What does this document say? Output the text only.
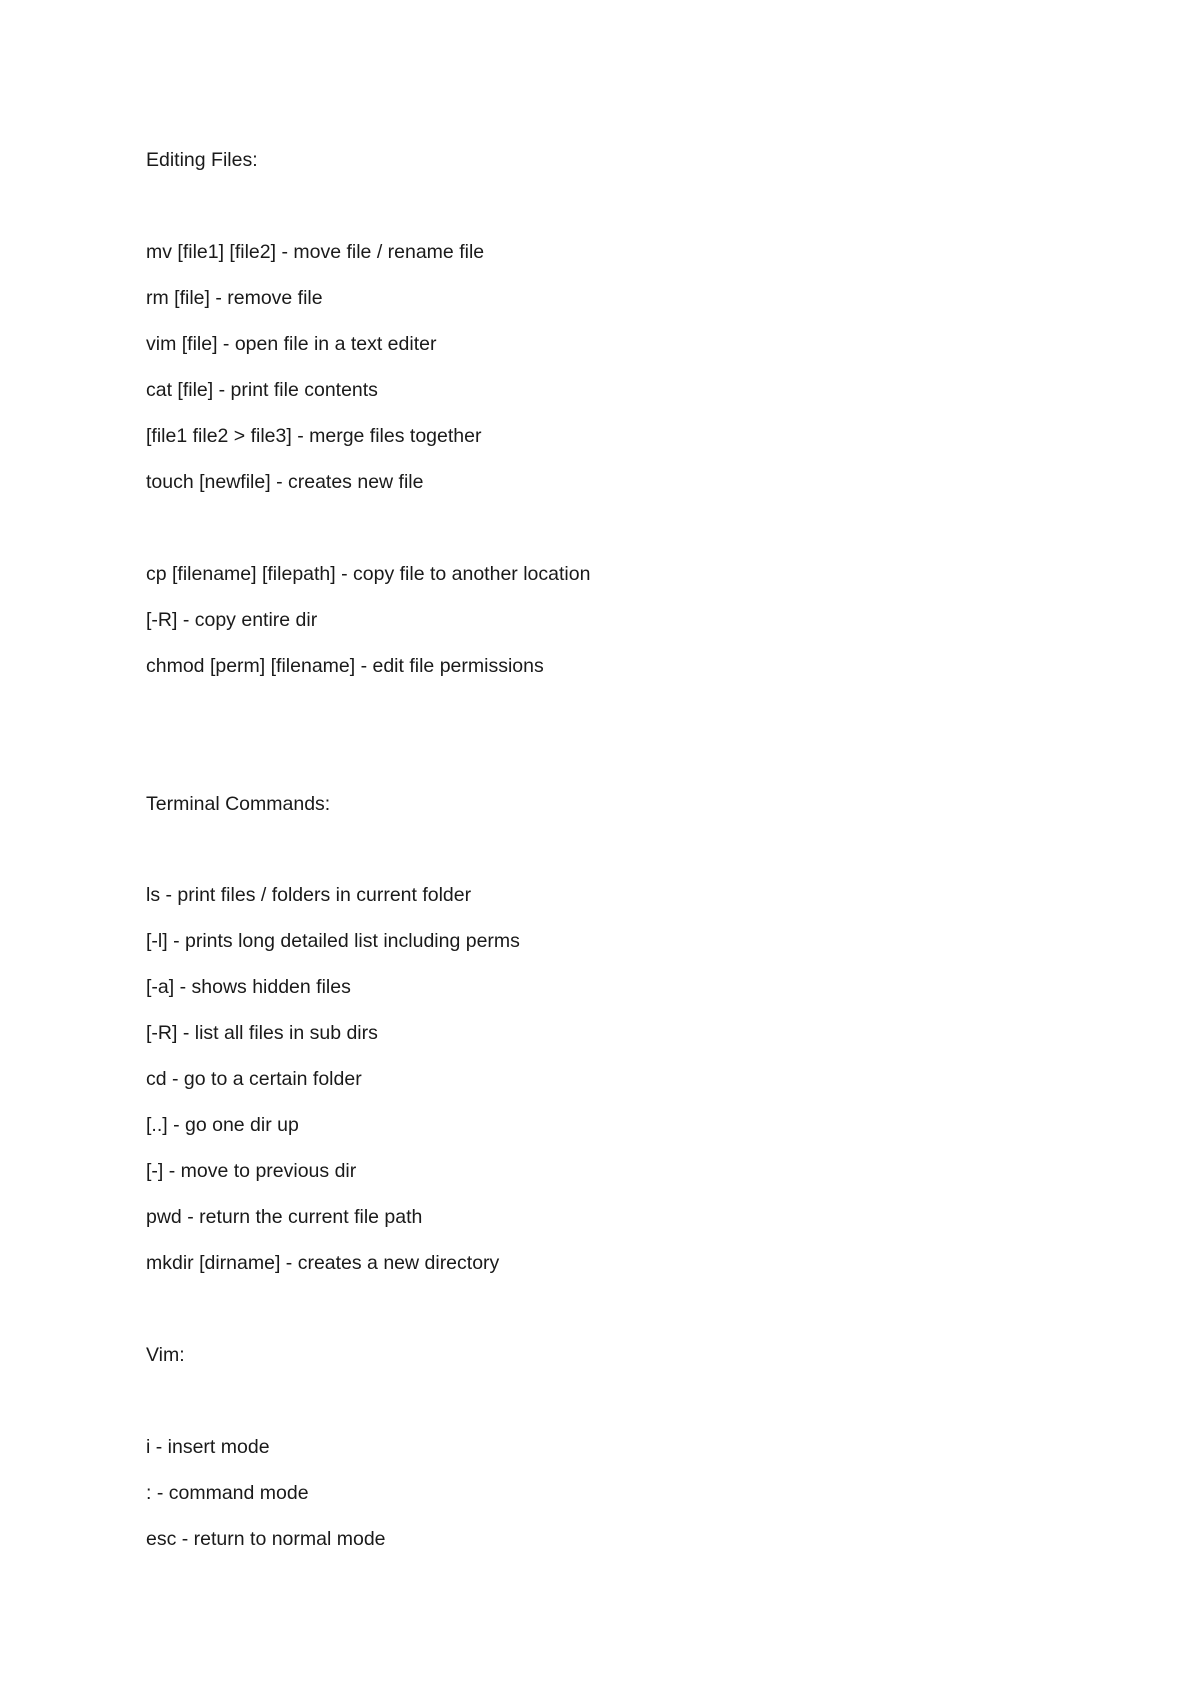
Editing Files:
mv [file1] [file2] - move file / rename file
rm [file] - remove file
vim [file] - open file in a text editer
cat [file] - print file contents
[file1 file2 > file3] - merge files together
touch [newfile] - creates new file
cp [filename] [filepath] - copy file to another location
[-R] - copy entire dir
chmod [perm] [filename] - edit file permissions
Terminal Commands:
ls - print files / folders in current folder
[-l] - prints long detailed list including perms
[-a] - shows hidden files
[-R] - list all files in sub dirs
cd - go to a certain folder
[..] - go one dir up
[-] - move to previous dir
pwd - return the current file path
mkdir [dirname] - creates a new directory
Vim:
i - insert mode
: - command mode
esc - return to normal mode
